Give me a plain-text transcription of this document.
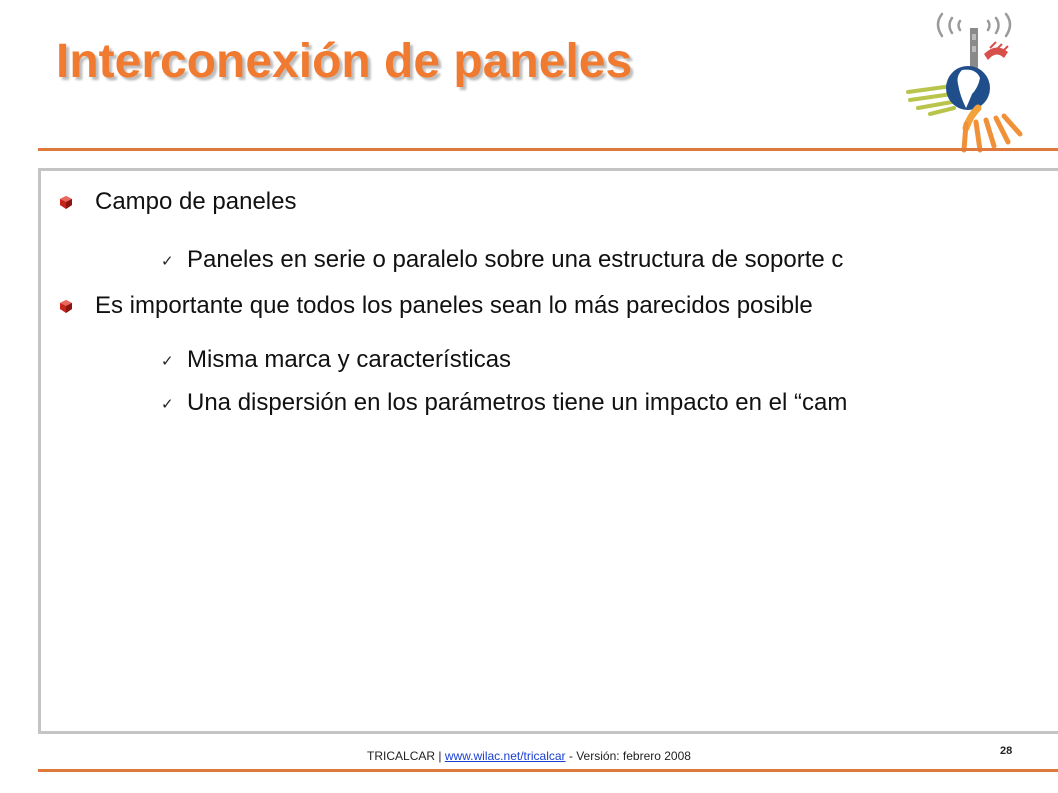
Interconexión de paneles
Campo de paneles
✓ Paneles en serie o paralelo sobre una estructura de soporte c
Es importante que todos los paneles sean lo más parecidos posible
✓ Misma marca y características
✓ Una dispersión en los parámetros tiene un impacto en el “cam
TRICALCAR | www.wilac.net/tricalcar - Versión: febrero 2008	28
